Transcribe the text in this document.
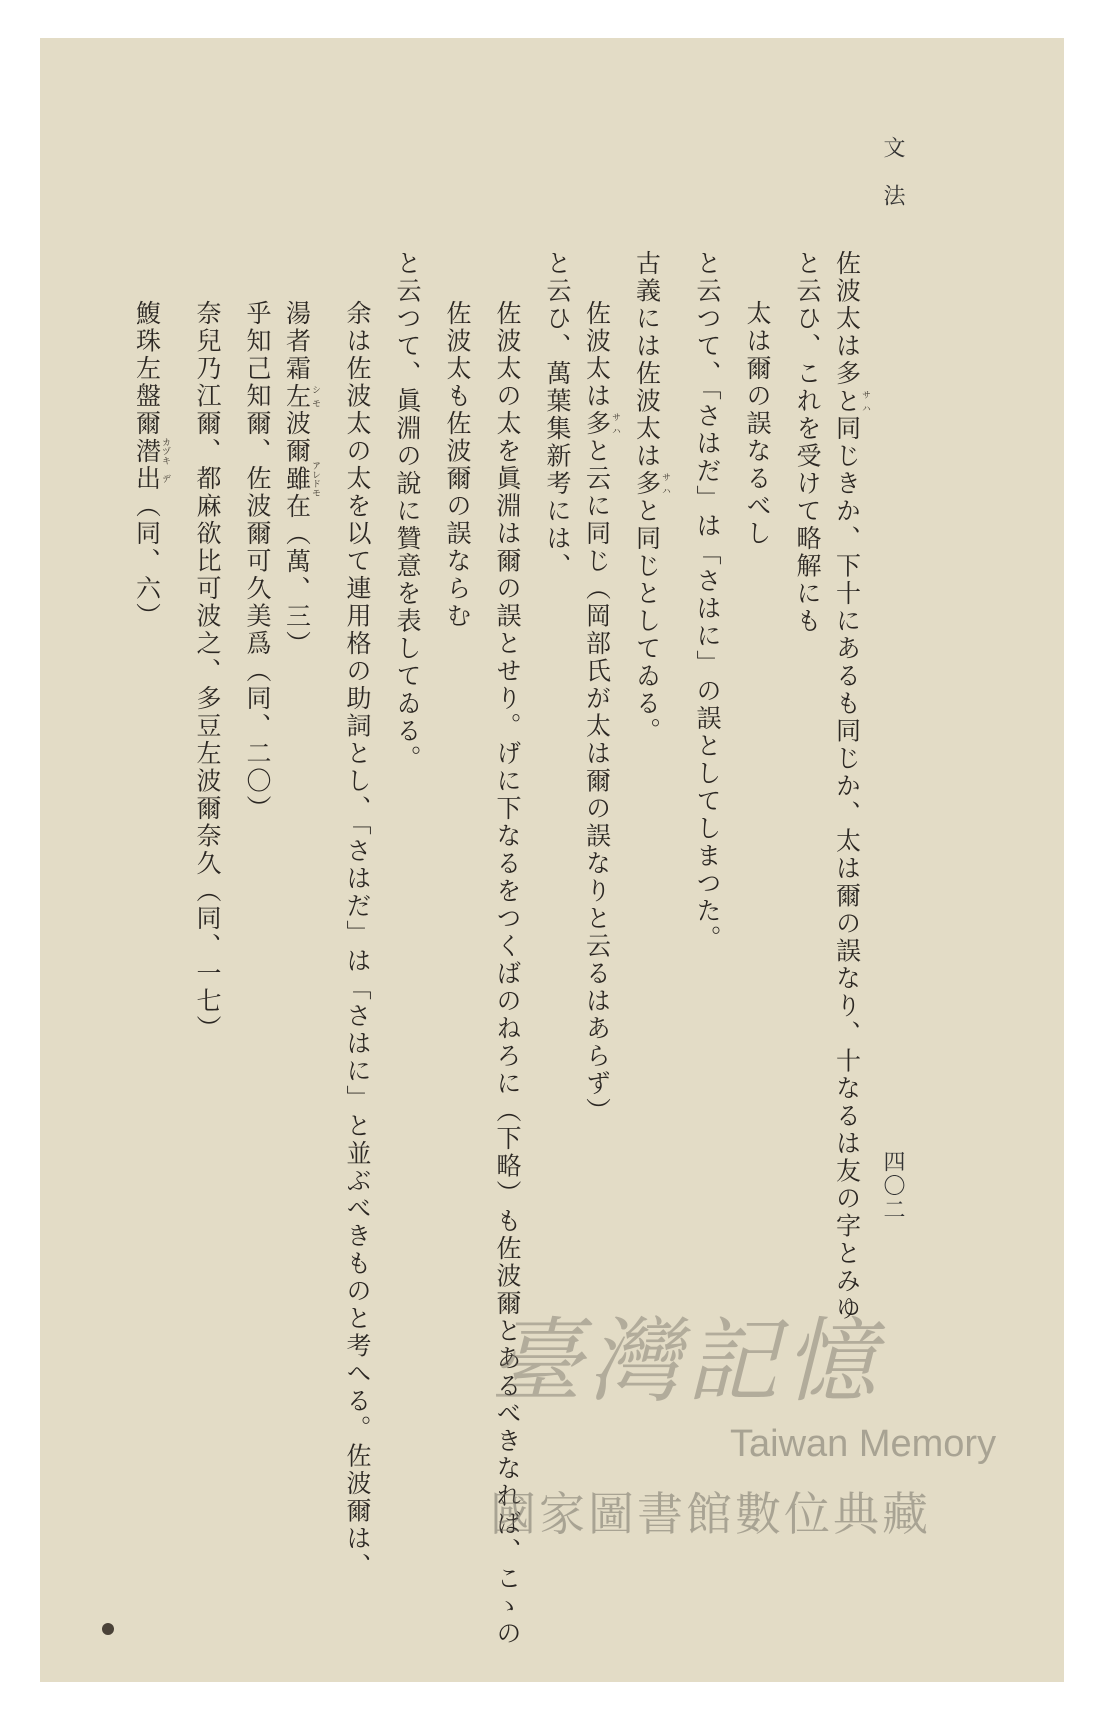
文　法
四〇二
佐波太は多とサハ同じきか、下十にあるも同じか、太は爾の誤なり、十なるは友の字とみゆ
と云ひ、これを受けて略解にも
太は爾の誤なるべし
と云つて、「さはだ」は「さはに」の誤としてしまつた。
古義には佐波太は多サハと同じとしてゐる。
佐波太は多サハと云に同じ（岡部氏が太は爾の誤なりと云るはあらず）
と云ひ、萬葉集新考には、
佐波太の太を眞淵は爾の誤とせり。げに下なるをつくばのねろに（下略）も佐波爾とあるべきなれば、こゝの
佐波太も佐波爾の誤ならむ
と云つて、眞淵の說に贊意を表してゐる。
余は佐波太の太を以て連用格の助詞とし、「さはだ」は「さはに」と並ぶべきものと考へる。佐波爾は、
湯者霜左シモ波爾雖アレドモ在（萬、三）
乎知己知爾、佐波爾可久美爲（同、二〇）
奈兒乃江爾、都麻欲比可波之、多豆左波爾奈久（同、一七）
鰒珠左盤爾潜カヅキ出デ（同、六）
臺灣記憶
Taiwan Memory
國家圖書館數位典藏
